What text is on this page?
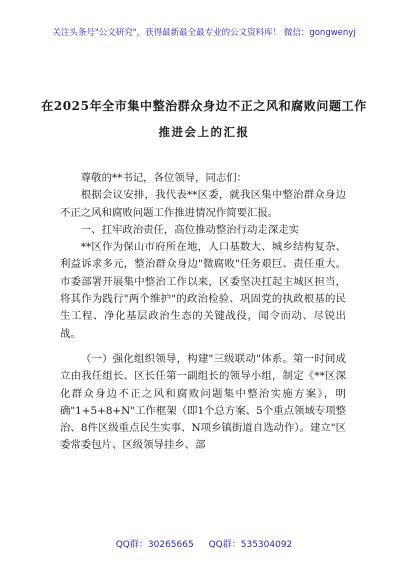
关注头条号"公文研究"，获得最新最全最专业的公文资料库！ 微信：gongwenyj
在2025年全市集中整治群众身边不正之风和腐败问题工作
推进会上的汇报

尊敬的**书记，各位领导，同志们：

根据会议安排，我代表**区委，就我区集中整治群众身边不正之风和腐败问题工作推进情况作简要汇报。

一、扛牢政治责任，高位推动整治行动走深走实

**区作为保山市府所在地，人口基数大、城乡结构复杂、利益诉求多元，整治群众身边"微腐败"任务艰巨、责任重大。市委部署开展集中整治工作以来，区委坚决扛起主城区担当，将其作为践行"两个维护"的政治检验、巩固党的执政根基的民生工程、净化基层政治生态的关键战役，闻令而动、尽锐出战。

（一）强化组织领导，构建"三级联动"体系。第一时间成立由我任组长、区长任第一副组长的领导小组，制定《**区深化群众身边不正之风和腐败问题集中整治实施方案》，明确"1+5+8+N"工作框架（即1个总方案、5个重点领域专项整治、8件区级重点民生实事、N项乡镇街道自选动作）。建立"区委常委包片、区级领导挂乡、部

QQ群：30265665 QQ群：535304092
